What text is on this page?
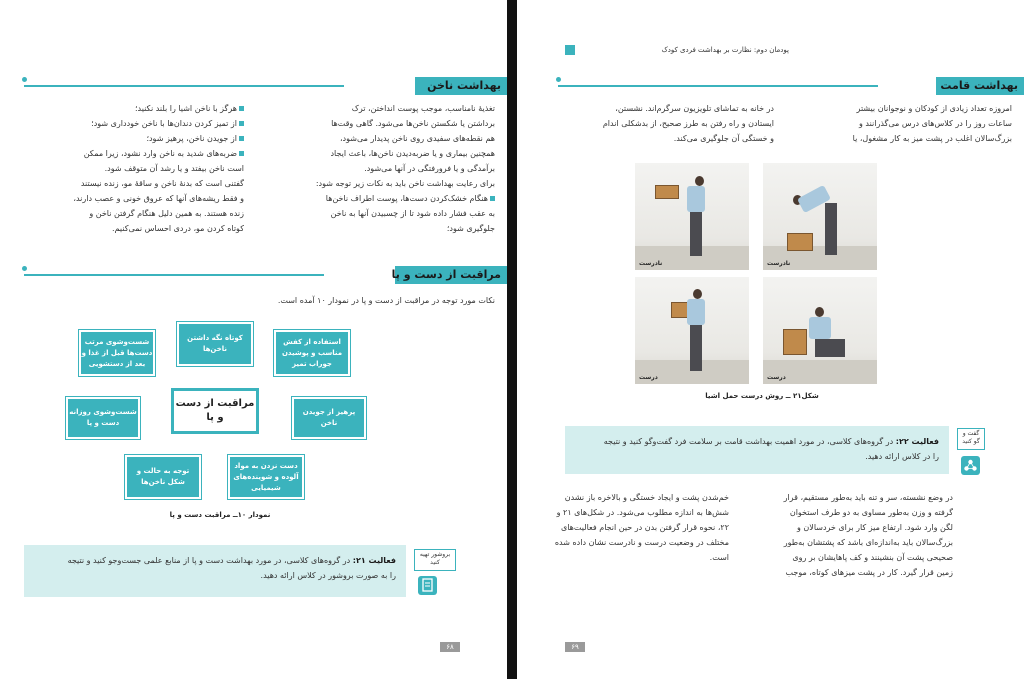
بهداشت ناخن
تغذیهٔ نامناسب، موجب پوست انداختن، ترک
برداشتن یا شکستن ناخن‌ها می‌شود. گاهی وقت‌ها
هم نقطه‌های سفیدی روی ناخن پدیدار می‌شود،
همچنین بیماری و یا ضربه‌دیدن ناخن‌ها، باعث ایجاد
برآمدگی و یا فرورفتگی در آنها می‌شود.
برای رعایت بهداشت ناخن باید به نکات زیر توجه شود:
هنگام خشک‌کردن دست‌ها، پوست اطراف ناخن‌ها
به عقب فشار داده شود تا از چسبیدن آنها به ناخن
جلوگیری شود؛
هرگز با ناخن اشیا را بلند نکنید؛
از تمیز کردن دندان‌ها با ناخن خودداری شود؛
از جویدن ناخن، پرهیز شود؛
ضربه‌های شدید به ناخن وارد نشود، زیرا ممکن
است ناخن بیفتد و یا رشد آن متوقف شود.
گفتنی است که بدنهٔ ناخن و ساقهٔ مو، زنده نیستند
و فقط ریشه‌های آنها که عروق خونی و عصب دارند،
زنده هستند. به همین دلیل هنگام گرفتن ناخن و
کوتاه کردن مو، دردی احساس نمی‌کنیم.
مراقبت از دست و پا
نکات مورد توجه در مراقبت از دست و پا در نمودار ۱۰ آمده است.
شست‌وشوی مرتب دست‌ها قبل از غذا و بعد از دستشویی
کوتاه نگه داشتن ناخن‌ها
استفاده از کفش مناسب و پوشیدن جوراب تمیز
شست‌وشوی روزانه دست و پا
مراقبت از دست و پا	پرهیز از جویدن ناخن
توجه به حالت و شکل ناخن‌ها
دست نزدن به مواد آلوده و شوینده‌های شیمیایی
نمودار ۱۰ــ مراقبت دست و پا
فعالیت ۲۱: در گروه‌های کلاسی، در مورد بهداشت دست و پا از منابع علمی جست‌وجو کنید و نتیجه
را به صورت بروشور در کلاس ارائه دهید.
بروشور تهیه کنید
۶۸
پودمان دوم: نظارت بر بهداشت فردی کودک
بهداشت قامت
امروزه تعداد زیادی از کودکان و نوجوانان بیشتر
ساعات روز را در کلاس‌های درس می‌گذرانند و
بزرگ‌سالان اغلب در پشت میز به کار مشغول، یا
در خانه به تماشای تلویزیون سرگرم‌اند. نشستن،
ایستادن و راه رفتن به طرز صحیح، از بدشکلی اندام
و خستگی آن جلوگیری می‌کند.
نادرست	نادرست
درست	درست
شکل۲۱ ــ روش درست حمل اشیا
فعالیت ۲۲: در گروه‌های کلاسی، در مورد اهمیت بهداشت قامت بر سلامت فرد گفت‌وگو کنید و نتیجه
را در کلاس ارائه دهید.
گفت و گو کنید
در وضع نشسته، سر و تنه باید به‌طور مستقیم، قرار
گرفته و وزن به‌طور مساوی به دو طرف استخوان
لگن وارد شود. ارتفاع میز کار برای خردسالان و
بزرگ‌سالان باید به‌اندازه‌ای باشد که پشتشان به‌طور
صحیحی پشت آن بنشینند و کف پاهایشان بر روی
زمین قرار گیرد. کار در پشت میزهای کوتاه، موجب
خم‌شدن پشت و ایجاد خستگی و بالاخره باز نشدن
شش‌ها به اندازه مطلوب می‌شود. در شکل‌های ۲۱ و
۲۲، نحوه قرار گرفتن بدن در حین انجام فعالیت‌های
مختلف در وضعیت درست و نادرست نشان داده شده
است.
۶۹
